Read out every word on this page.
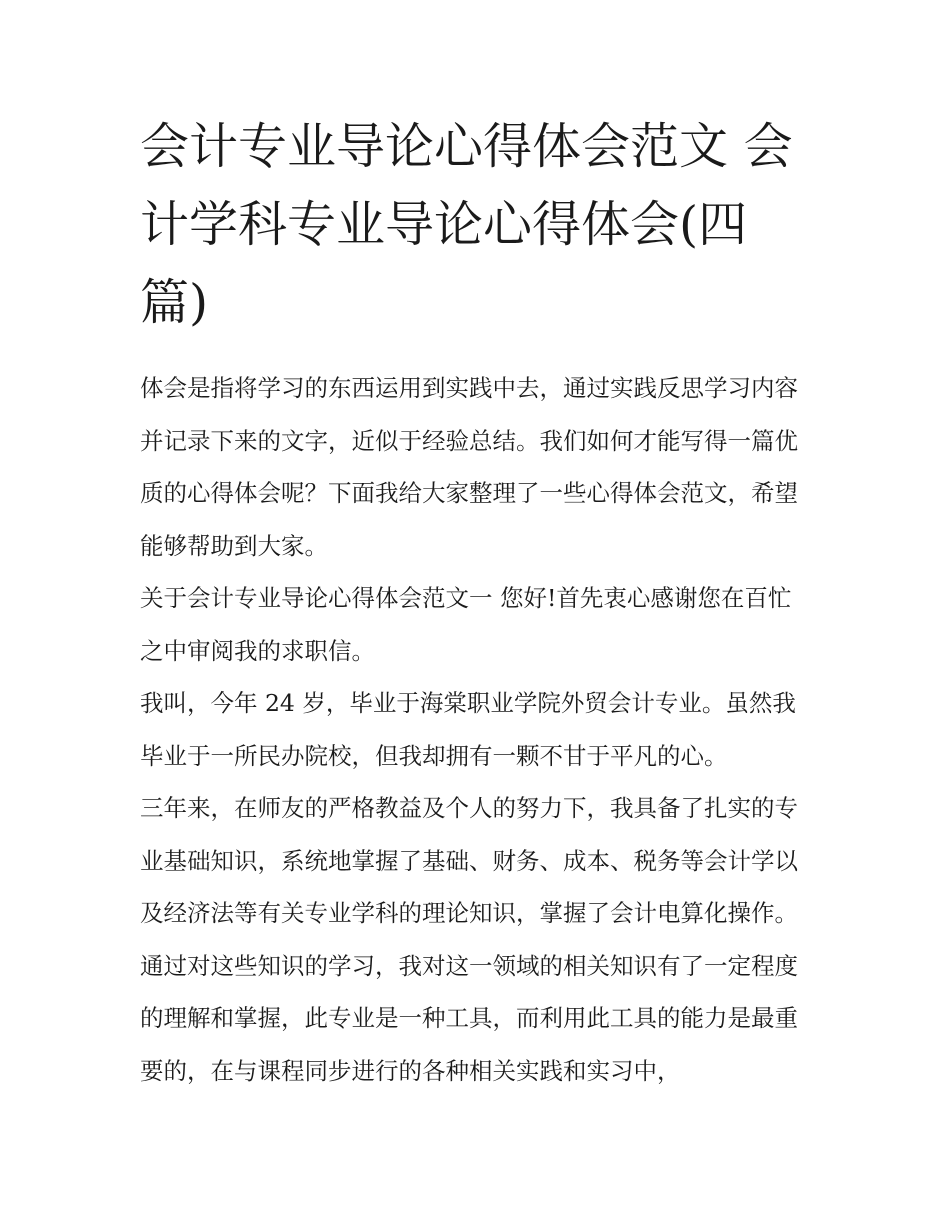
会计专业导论心得体会范文 会计学科专业导论心得体会(四篇)

体会是指将学习的东西运用到实践中去，通过实践反思学习内容并记录下来的文字，近似于经验总结。我们如何才能写得一篇优质的心得体会呢？下面我给大家整理了一些心得体会范文，希望能够帮助到大家。

关于会计专业导论心得体会范文一 您好!首先衷心感谢您在百忙之中审阅我的求职信。

我叫，今年 24 岁，毕业于海棠职业学院外贸会计专业。虽然我毕业于一所民办院校，但我却拥有一颗不甘于平凡的心。

三年来，在师友的严格教益及个人的努力下，我具备了扎实的专业基础知识，系统地掌握了基础、财务、成本、税务等会计学以及经济法等有关专业学科的理论知识，掌握了会计电算化操作。通过对这些知识的学习，我对这一领域的相关知识有了一定程度的理解和掌握，此专业是一种工具，而利用此工具的能力是最重要的，在与课程同步进行的各种相关实践和实习中，
